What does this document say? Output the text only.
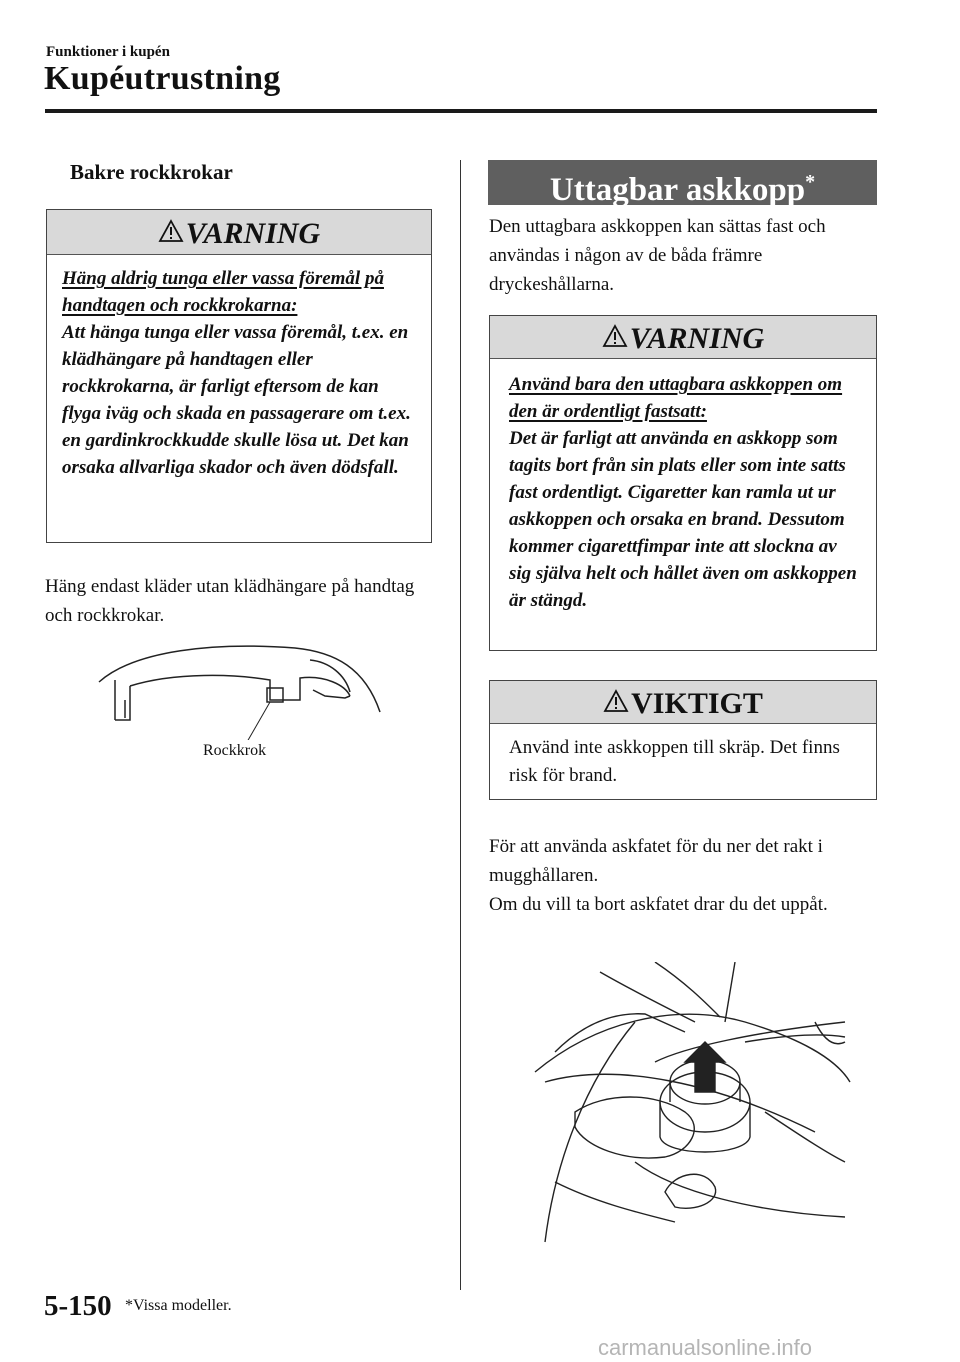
Funktioner i kupén
Kupéutrustning
Bakre rockkrokar
VARNING
Häng aldrig tunga eller vassa föremål på handtagen och rockkrokarna:
Att hänga tunga eller vassa föremål, t.ex. en klädhängare på handtagen eller rockkrokarna, är farligt eftersom de kan flyga iväg och skada en passagerare om t.ex. en gardinkrockkudde skulle lösa ut. Det kan orsaka allvarliga skador och även dödsfall.
Häng endast kläder utan klädhängare på handtag och rockkrokar.
Rockkrok
Uttagbar askkopp*
Den uttagbara askkoppen kan sättas fast och användas i någon av de båda främre dryckeshållarna.
VARNING
Använd bara den uttagbara askkoppen om den är ordentligt fastsatt:
Det är farligt att använda en askkopp som tagits bort från sin plats eller som inte satts fast ordentligt. Cigaretter kan ramla ut ur askkoppen och orsaka en brand. Dessutom kommer cigarettfimpar inte att slockna av sig själva helt och hållet även om askkoppen är stängd.
VIKTIGT
Använd inte askkoppen till skräp. Det finns risk för brand.
För att använda askfatet för du ner det rakt i mugghållaren.
Om du vill ta bort askfatet drar du det uppåt.
5-150 *Vissa modeller.
carmanualsonline.info
